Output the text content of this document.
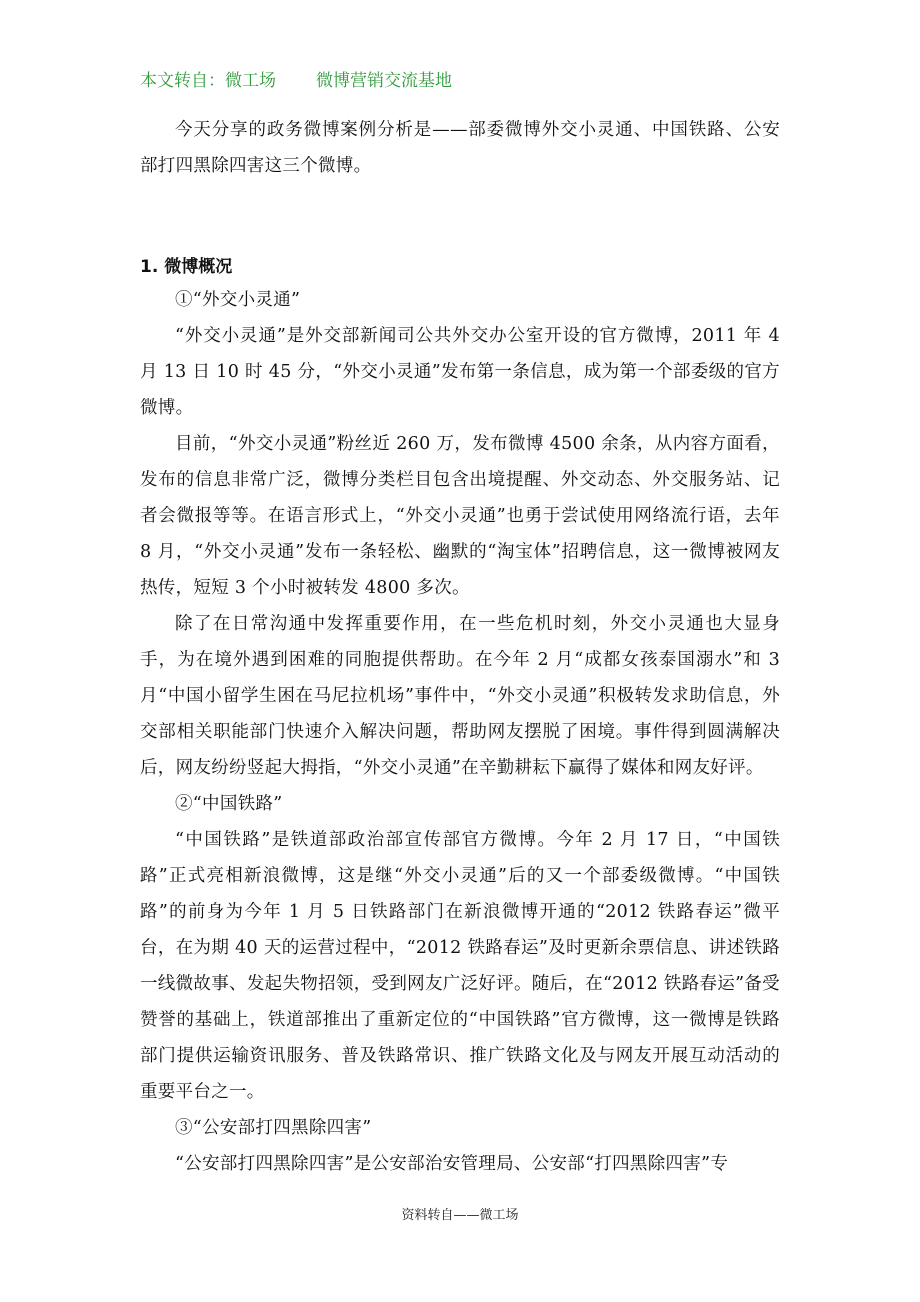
本文转自：微工场 微博营销交流基地
今天分享的政务微博案例分析是——部委微博外交小灵通、中国铁路、公安部打四黑除四害这三个微博。
1. 微博概况

①“外交小灵通”

“外交小灵通”是外交部新闻司公共外交办公室开设的官方微博，2011 年 4 月 13 日 10 时 45 分，“外交小灵通”发布第一条信息，成为第一个部委级的官方微博。

目前，“外交小灵通”粉丝近 260 万，发布微博 4500 余条，从内容方面看，发布的信息非常广泛，微博分类栏目包含出境提醒、外交动态、外交服务站、记者会微报等等。在语言形式上，“外交小灵通”也勇于尝试使用网络流行语，去年 8 月，“外交小灵通”发布一条轻松、幽默的“淘宝体”招聘信息，这一微博被网友热传，短短 3 个小时被转发 4800 多次。

除了在日常沟通中发挥重要作用，在一些危机时刻，外交小灵通也大显身手，为在境外遇到困难的同胞提供帮助。在今年 2 月“成都女孩泰国溺水”和 3 月“中国小留学生困在马尼拉机场”事件中，“外交小灵通”积极转发求助信息，外交部相关职能部门快速介入解决问题，帮助网友摆脱了困境。事件得到圆满解决后，网友纷纷竖起大拇指，“外交小灵通”在辛勤耕耘下赢得了媒体和网友好评。

②“中国铁路”

“中国铁路”是铁道部政治部宣传部官方微博。今年 2 月 17 日，“中国铁路”正式亮相新浪微博，这是继“外交小灵通”后的又一个部委级微博。“中国铁路”的前身为今年 1 月 5 日铁路部门在新浪微博开通的“2012 铁路春运”微平台，在为期 40 天的运营过程中，“2012 铁路春运”及时更新余票信息、讲述铁路一线微故事、发起失物招领，受到网友广泛好评。随后，在“2012 铁路春运”备受赞誉的基础上，铁道部推出了重新定位的“中国铁路”官方微博，这一微博是铁路部门提供运输资讯服务、普及铁路常识、推广铁路文化及与网友开展互动活动的重要平台之一。

③“公安部打四黑除四害”

“公安部打四黑除四害”是公安部治安管理局、公安部“打四黑除四害”专

资料转自——微工场
